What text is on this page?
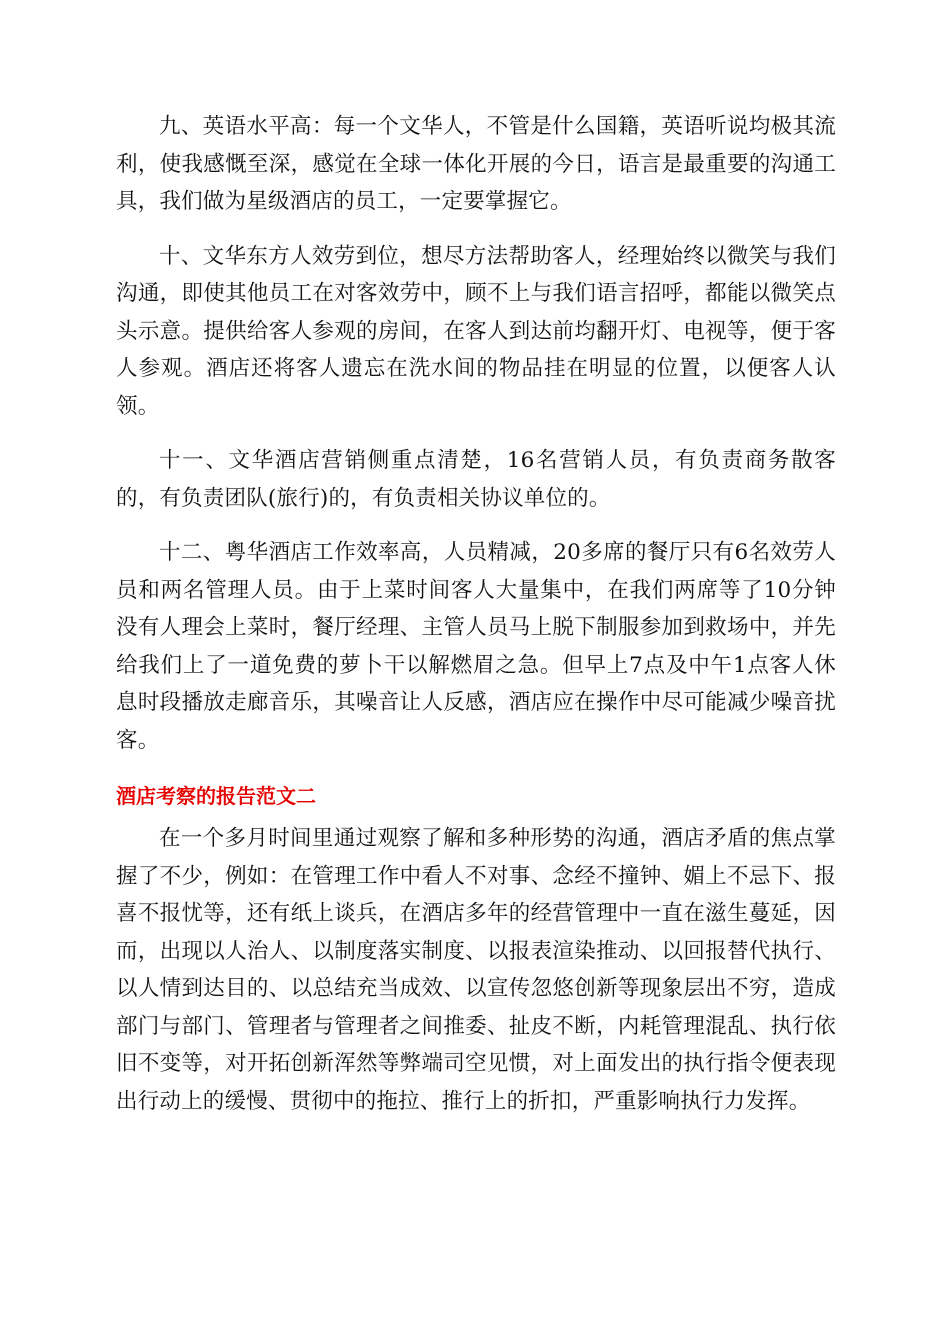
九、英语水平高：每一个文华人，不管是什么国籍，英语听说均极其流利，使我感慨至深，感觉在全球一体化开展的今日，语言是最重要的沟通工具，我们做为星级酒店的员工，一定要掌握它。

十、文华东方人效劳到位，想尽方法帮助客人，经理始终以微笑与我们沟通，即使其他员工在对客效劳中，顾不上与我们语言招呼，都能以微笑点头示意。提供给客人参观的房间，在客人到达前均翻开灯、电视等，便于客人参观。酒店还将客人遗忘在洗水间的物品挂在明显的位置，以便客人认领。

十一、文华酒店营销侧重点清楚，16名营销人员，有负责商务散客的，有负责团队(旅行)的，有负责相关协议单位的。

十二、粤华酒店工作效率高，人员精减，20多席的餐厅只有6名效劳人员和两名管理人员。由于上菜时间客人大量集中，在我们两席等了10分钟没有人理会上菜时，餐厅经理、主管人员马上脱下制服参加到救场中，并先给我们上了一道免费的萝卜干以解燃眉之急。但早上7点及中午1点客人休息时段播放走廊音乐，其噪音让人反感，酒店应在操作中尽可能减少噪音扰客。

酒店考察的报告范文二

在一个多月时间里通过观察了解和多种形势的沟通，酒店矛盾的焦点掌握了不少，例如：在管理工作中看人不对事、念经不撞钟、媚上不忌下、报喜不报忧等，还有纸上谈兵，在酒店多年的经营管理中一直在滋生蔓延，因而，出现以人治人、以制度落实制度、以报表渲染推动、以回报替代执行、以人情到达目的、以总结充当成效、以宣传忽悠创新等现象层出不穷，造成部门与部门、管理者与管理者之间推委、扯皮不断，内耗管理混乱、执行依旧不变等，对开拓创新浑然等弊端司空见惯，对上面发出的执行指令便表现出行动上的缓慢、贯彻中的拖拉、推行上的折扣，严重影响执行力发挥。
